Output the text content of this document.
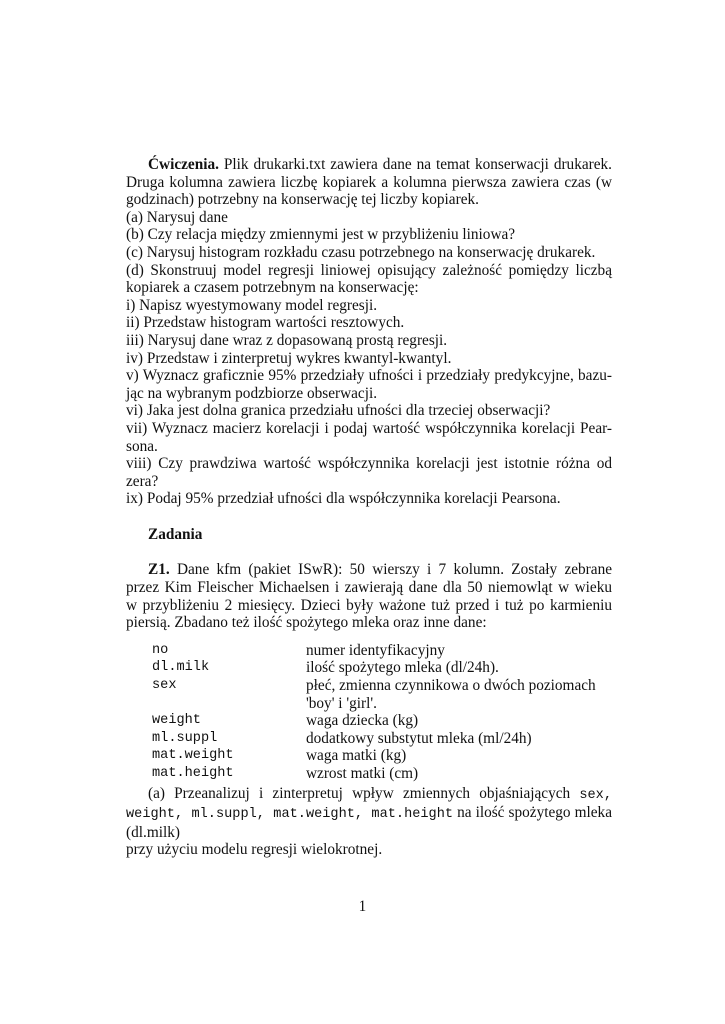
Ćwiczenia. Plik drukarki.txt zawiera dane na temat konserwacji drukarek.
Druga kolumna zawiera liczbę kopiarek a kolumna pierwsza zawiera czas (w
godzinach) potrzebny na konserwację tej liczby kopiarek.
(a) Narysuj dane
(b) Czy relacja między zmiennymi jest w przybliżeniu liniowa?
(c) Narysuj histogram rozkładu czasu potrzebnego na konserwację drukarek.
(d) Skonstruuj model regresji liniowej opisujący zależność pomiędzy liczbą
kopiarek a czasem potrzebnym na konserwację:
i) Napisz wyestymowany model regresji.
ii) Przedstaw histogram wartości resztowych.
iii) Narysuj dane wraz z dopasowaną prostą regresji.
iv) Przedstaw i zinterpretuj wykres kwantyl-kwantyl.
v) Wyznacz graficznie 95% przedziały ufności i przedziały predykcyjne, bazu-
jąc na wybranym podzbiorze obserwacji.
vi) Jaka jest dolna granica przedziału ufności dla trzeciej obserwacji?
vii) Wyznacz macierz korelacji i podaj wartość współczynnika korelacji Pear-
sona.
viii) Czy prawdziwa wartość współczynnika korelacji jest istotnie różna od
zera?
ix) Podaj 95% przedział ufności dla współczynnika korelacji Pearsona.
Zadania
Z1. Dane kfm (pakiet ISwR): 50 wierszy i 7 kolumn. Zostały zebrane
przez Kim Fleischer Michaelsen i zawierają dane dla 50 niemowląt w wieku
w przybliżeniu 2 miesięcy. Dzieci były ważone tuż przed i tuż po karmieniu
piersią. Zbadano też ilość spożytego mleka oraz inne dane:
no	numer identyfikacyjny
dl.milk	ilość spożytego mleka (dl/24h).
sex	płeć, zmienna czynnikowa o dwóch poziomach
	'boy' i 'girl'.
weight	waga dziecka (kg)
ml.suppl	dodatkowy substytut mleka (ml/24h)
mat.weight	waga matki (kg)
mat.height	wzrost matki (cm)
(a) Przeanalizuj i zinterpretuj wpływ zmiennych objaśniających sex,
weight, ml.suppl, mat.weight, mat.height na ilość spożytego mleka (dl.milk)
przy użyciu modelu regresji wielokrotnej.
1
